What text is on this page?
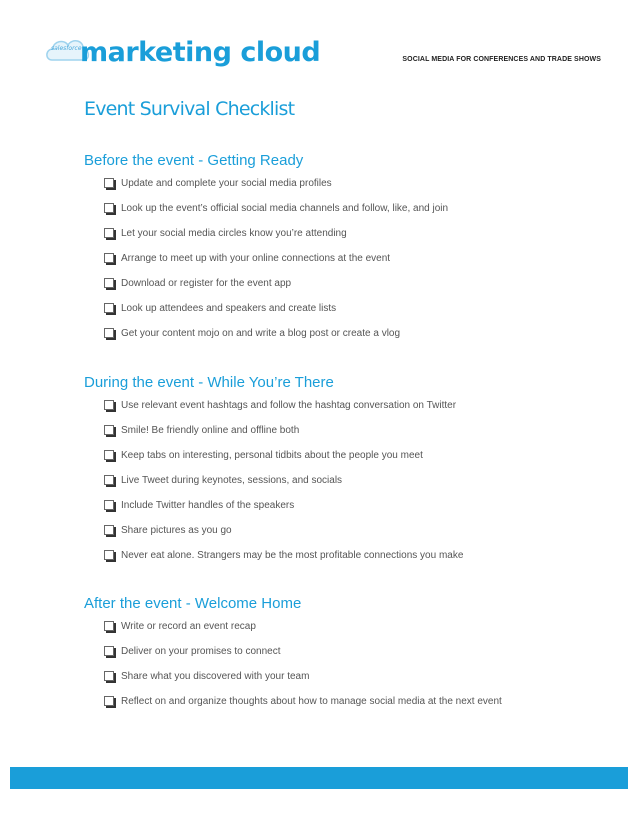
salesforce
marketing cloud	SOCIAL MEDIA FOR CONFERENCES AND TRADE SHOWS
Event Survival Checklist
Before the event - Getting Ready
Update and complete your social media profiles
Look up the event’s official social media channels and follow, like, and join
Let your social media circles know you’re attending
Arrange to meet up with your online connections at the event
Download or register for the event app
Look up attendees and speakers and create lists
Get your content mojo on and write a blog post or create a vlog
During the event - While You’re There
Use relevant event hashtags and follow the hashtag conversation on Twitter
Smile! Be friendly online and offline both
Keep tabs on interesting, personal tidbits about the people you meet
Live Tweet during keynotes, sessions, and socials
Include Twitter handles of the speakers
Share pictures as you go
Never eat alone. Strangers may be the most profitable connections you make
After the event - Welcome Home
Write or record an event recap
Deliver on your promises to connect
Share what you discovered with your team
Reflect on and organize thoughts about how to manage social media at the next event
